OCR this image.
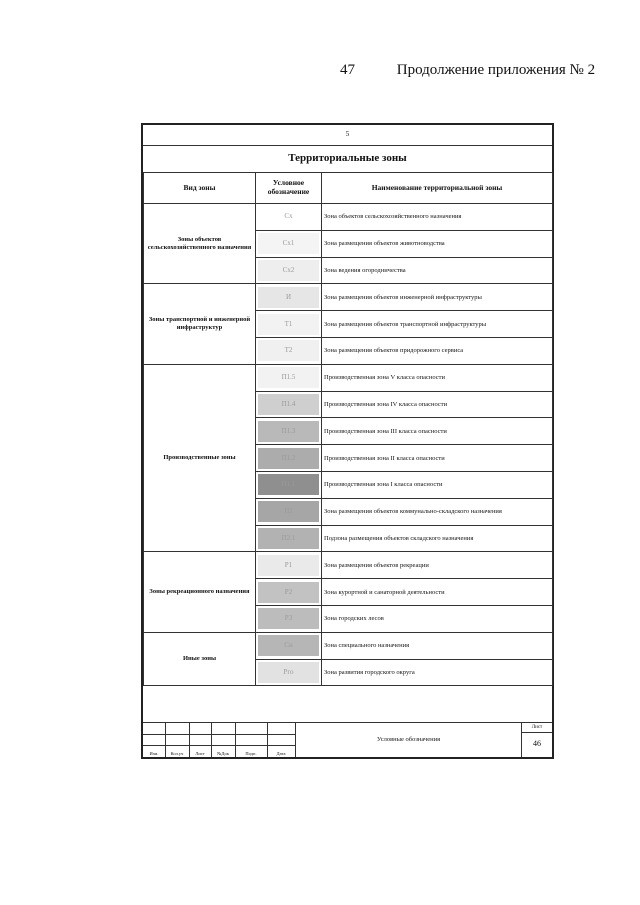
47	Продолжение приложения № 2
5
Территориальные зоны
Вид зоны	Условное обозначение	Наименование территориальной зоны
Зоны объектов сельскохозяйственного назначения	Сх	Зона объектов сельскохозяйственного назначения

	Сх1	Зона размещения объектов животноводства

	Сх2	Зона ведения огородничества
Зоны транспортной и инженерной инфраструктур	И	Зона размещения объектов инженерной инфраструктуры

	Т1	Зона размещения объектов транспортной инфраструктуры

	Т2	Зона размещения объектов придорожного сервиса
Производственные зоны	П1.5	Производственная зона V класса опасности

	П1.4	Производственная зона IV класса опасности

	П1.3	Производственная зона III класса опасности

	П1.2	Производственная зона II класса опасности

	П1.1	Производственная зона I класса опасности

	П2	Зона размещения объектов коммунально-складского назначения

	П2.1	Подзона размещения объектов складского назначения
Зоны рекреационного назначения	Р1	Зона размещения объектов рекреации

	Р2	Зона курортной и санаторной деятельности

	Р3	Зона городских лесов
Иные зоны	Сн	Зона специального назначения

	Рго	Зона развития городского округа
Изм.	Кол.уч	Лист	№Док	Подп.	Дата
Условные обозначения
Лист
46
